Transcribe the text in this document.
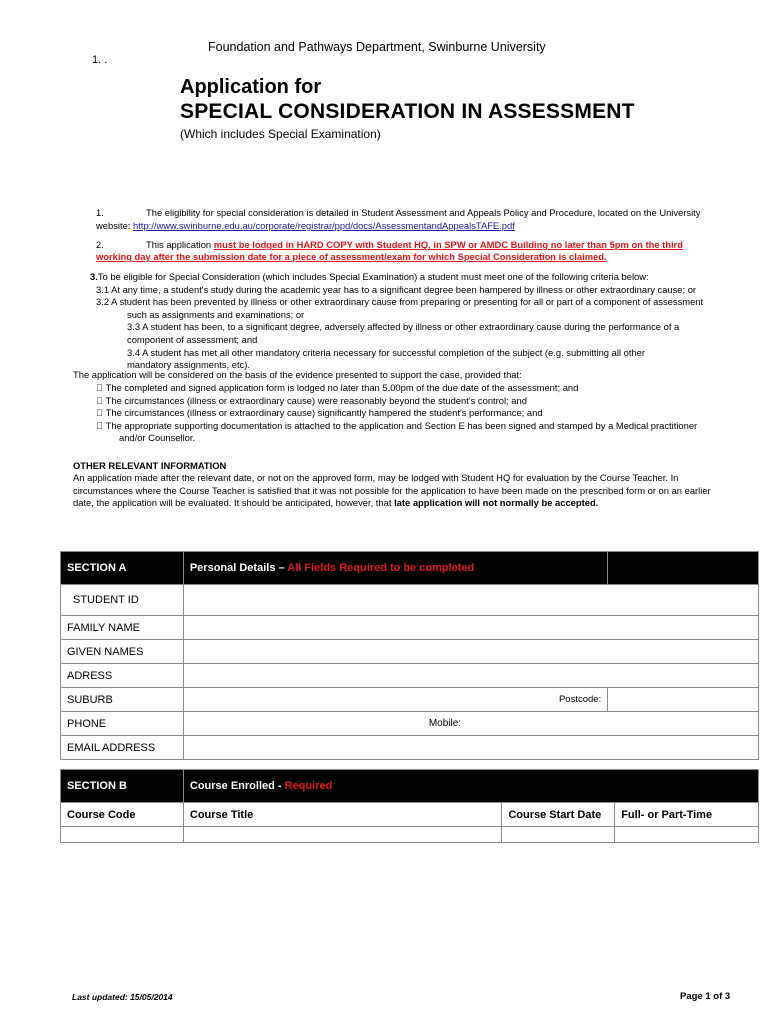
Foundation and Pathways Department, Swinburne University
1. .
Application for
SPECIAL CONSIDERATION IN ASSESSMENT
(Which includes Special Examination)
1.	The eligibility for special consideration is detailed in Student Assessment and Appeals Policy and Procedure, located on the University
website: http://www.swinburne.edu.au/corporate/registrar/ppd/docs/AssessmentandAppealsTAFE.pdf
2.	This application must be lodged in HARD COPY with Student HQ, in SPW or AMDC Building no later than 5pm on the third
working day after the submission date for a piece of assessment/exam for which Special Consideration is claimed.
3.To be eligible for Special Consideration (which includes Special Examination) a student must meet one of the following criteria below:
3.1 At any time, a student's study during the academic year has to a significant degree been hampered by illness or other extraordinary cause; or
3.2 A student has been prevented by illness or other extraordinary cause from preparing or presenting for all or part of a component of assessment
such as assignments and examinations; or
3.3 A student has been, to a significant degree, adversely affected by illness or other extraordinary cause during the performance of a
component of assessment; and
3.4 A student has met all other mandatory criteria necessary for successful completion of the subject (e.g. submitting all other
mandatory assignments, etc).
The application will be considered on the basis of the evidence presented to support the case, provided that:
The completed and signed application form is lodged no later than 5.00pm of the due date of the assessment; and
The circumstances (illness or extraordinary cause) were reasonably beyond the student's control; and
The circumstances (illness or extraordinary cause) significantly hampered the student's performance; and
The appropriate supporting documentation is attached to the application and Section E has been signed and stamped by a Medical practitioner
and/or Counsellor.
OTHER RELEVANT INFORMATION
An application made after the relevant date, or not on the approved form, may be lodged with Student HQ for evaluation by the Course Teacher. In
circumstances where the Course Teacher is satisfied that it was not possible for the application to have been made on the prescribed form or on an earlier
date, the application will be evaluated. It should be anticipated, however, that late application will not normally be accepted.
SECTION A	Personal Details – All Fields Required to be completed	
STUDENT ID		
FAMILY NAME		
GIVEN NAMES		
ADRESS		
SUBURB	Postcode:	
PHONE	Mobile:	
EMAIL ADDRESS		
SECTION B	Course Enrolled - Required		
Course Code	Course Title	Course Start Date	Full- or Part-Time

Last updated: 15/05/2014	Page 1 of 3
